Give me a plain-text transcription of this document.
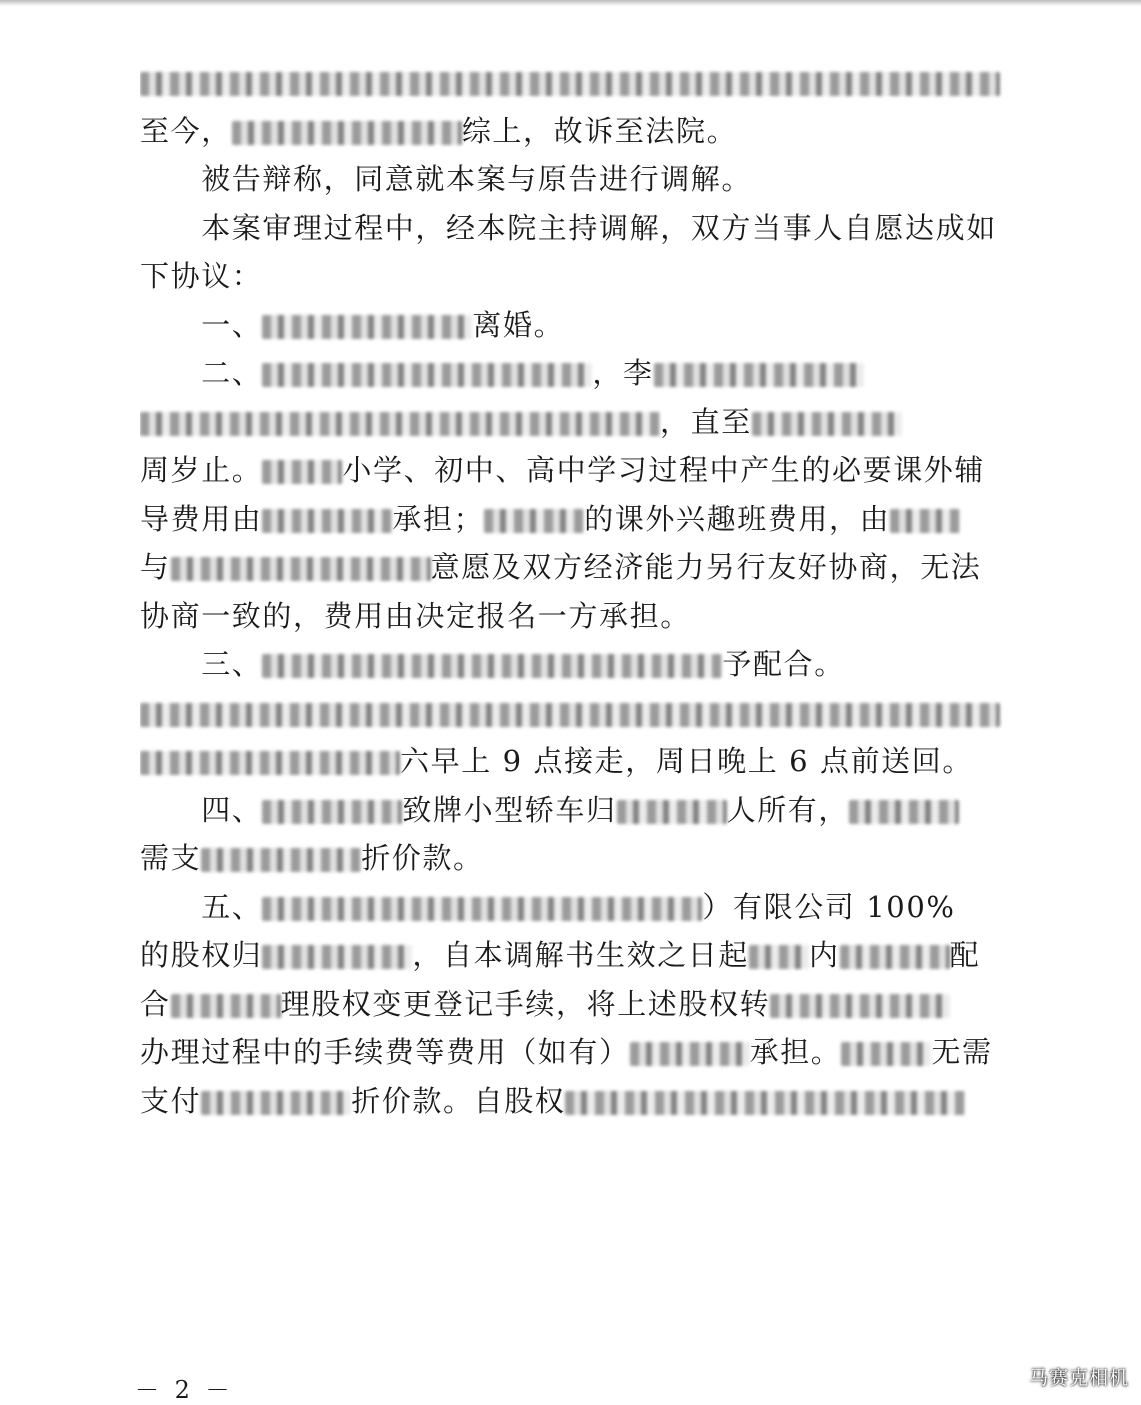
至今，	综上，故诉至法院。
　　被告辩称，同意就本案与原告进行调解。
　　本案审理过程中，经本院主持调解，双方当事人自愿达成如
下协议：
　　一、	离婚。
　　二、	，李
，直至
周岁止。	小学、初中、高中学习过程中产生的必要课外辅
导费用由	承担；	的课外兴趣班费用，由
与	意愿及双方经济能力另行友好协商，无法
协商一致的，费用由决定报名一方承担。
　　三、	予配合。
六早上 9 点接走，周日晚上 6 点前送回。
　　四、	致牌小型轿车归	人所有，
需支	折价款。
　　五、	）有限公司 100%
的股权归	，自本调解书生效之日起 内	配
合	理股权变更登记手续，将上述股权转
办理过程中的手续费等费用（如有）	承担。	无需
支付	折价款。自股权
－ 2 －	马赛克相机
